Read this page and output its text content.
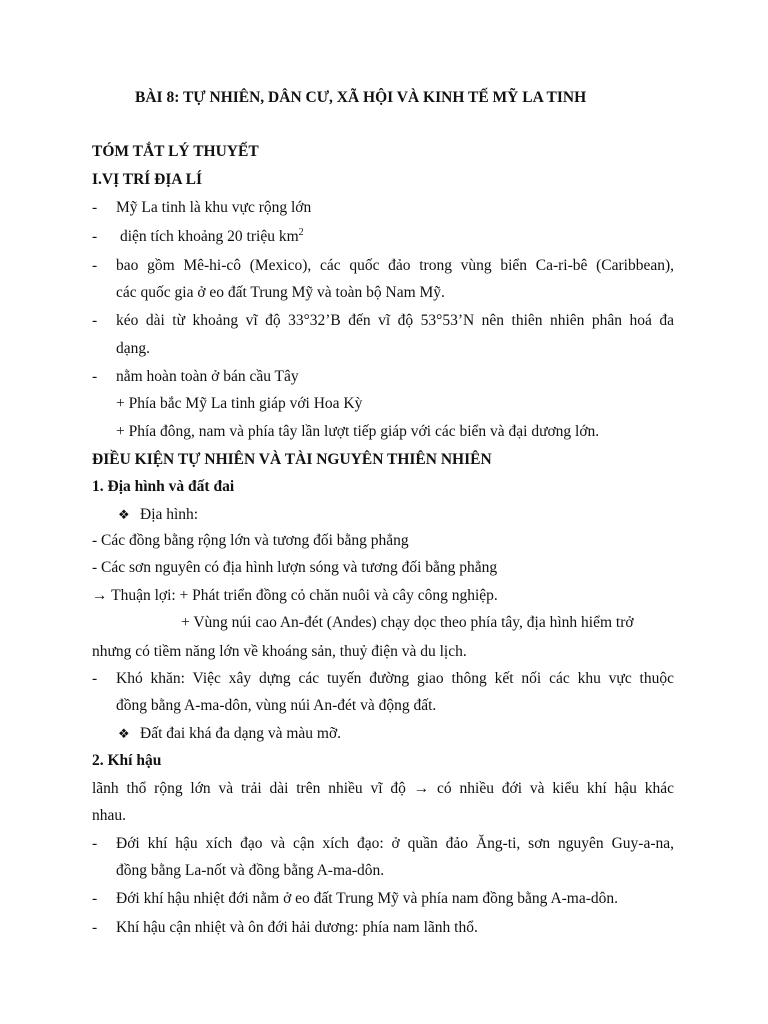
BÀI 8: TỰ NHIÊN, DÂN CƯ, XÃ HỘI VÀ KINH TẾ MỸ LA TINH
TÓM TẮT LÝ THUYẾT
I.VỊ TRÍ ĐỊA LÍ
- Mỹ La tinh là khu vực rộng lớn
- diện tích khoảng 20 triệu $km^2$
- bao gồm Mê-hi-cô (Mexico), các quốc đảo trong vùng biển Ca-ri-bê (Caribbean),
các quốc gia ở eo đất Trung Mỹ và toàn bộ Nam Mỹ.
- kéo dài từ khoảng vĩ độ 33°32’B đến vĩ độ 53°53’N nên thiên nhiên phân hoá đa
dạng.
- nằm hoàn toàn ở bán cầu Tây
+ Phía bắc Mỹ La tinh giáp với Hoa Kỳ
+ Phía đông, nam và phía tây lần lượt tiếp giáp với các biển và đại dương lớn.
ĐIỀU KIỆN TỰ NHIÊN VÀ TÀI NGUYÊN THIÊN NHIÊN
1. Địa hình và đất đai
❖ Địa hình:
- Các đồng bằng rộng lớn và tương đối bằng phẳng
- Các sơn nguyên có địa hình lượn sóng và tương đối bằng phẳng
→ Thuận lợi: + Phát triển đồng cỏ chăn nuôi và cây công nghiệp.
+ Vùng núi cao An-đét (Andes) chạy dọc theo phía tây, địa hình hiểm trở
nhưng có tiềm năng lớn về khoáng sản, thuỷ điện và du lịch.
- Khó khăn: Việc xây dựng các tuyến đường giao thông kết nối các khu vực thuộc
đồng bằng A-ma-dôn, vùng núi An-đét và động đất.
❖ Đất đai khá đa dạng và màu mỡ.
2. Khí hậu
lãnh thổ rộng lớn và trải dài trên nhiều vĩ độ → có nhiều đới và kiểu khí hậu khác
nhau.
- Đới khí hậu xích đạo và cận xích đạo: ở quần đảo Ăng-ti, sơn nguyên Guy-a-na,
đồng bằng La-nốt và đồng bằng A-ma-dôn.
- Đới khí hậu nhiệt đới nằm ở eo đất Trung Mỹ và phía nam đồng bằng A-ma-dôn.
- Khí hậu cận nhiệt và ôn đới hải dương: phía nam lãnh thổ.
